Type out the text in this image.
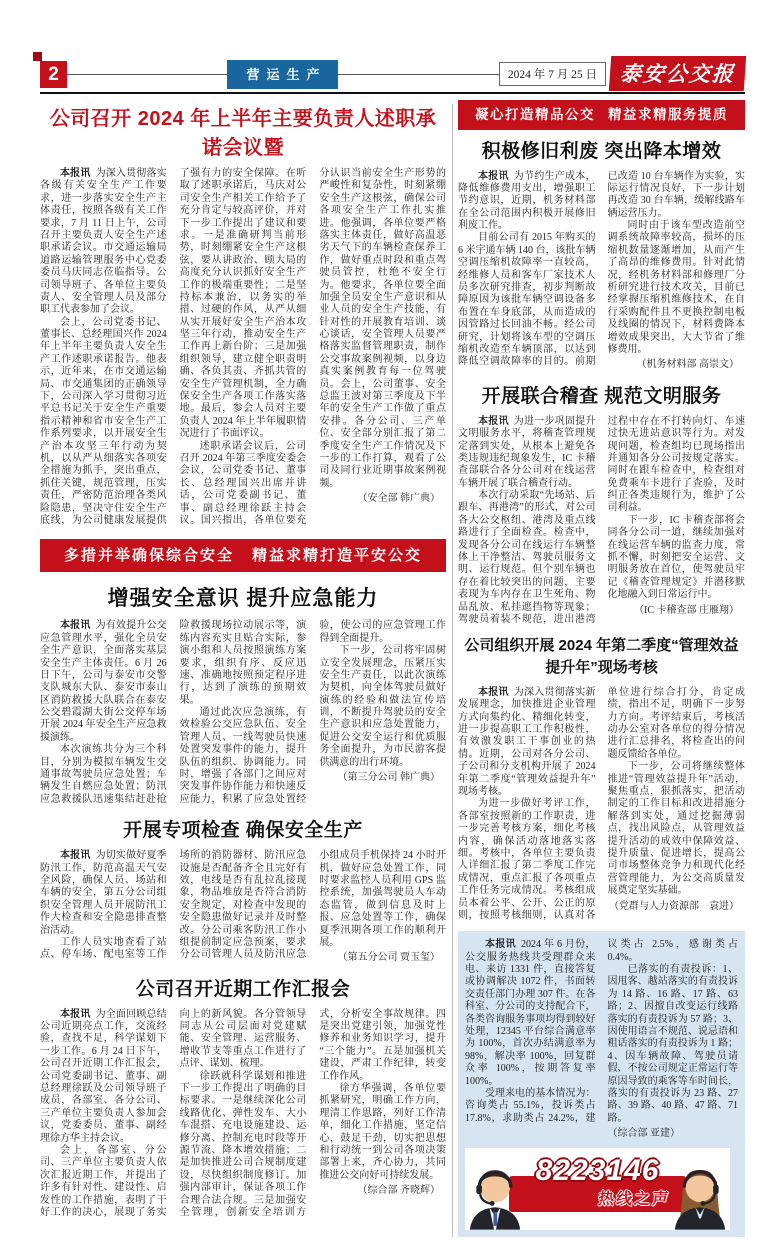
2	营运生产	2024 年 7 月 25 日	泰安公交报
公司召开 2024 年上半年主要负责人述职承诺会议暨

本报讯 为深入贯彻落实各级有关安全生产工作要求，进一步落实安全生产主体责任，按照各级有关工作要求，7 月 11 日上午，公司召开主要负责人安全生产述职承诺会议。市交通运输局道路运输管理服务中心党委委员马庆同志莅临指导。公司领导班子、各单位主要负责人、安全管理人员及部分职工代表参加了会议。

会上，公司党委书记、董事长、总经理国兴作 2024 年上半年主要负责人安全生产工作述职承诺报告。他表示，近年来，在市交通运输局、市交通集团的正确领导下，公司深入学习贯彻习近平总书记关于安全生产重要指示精神和省市安全生产工作系列要求，以开展安全生产治本攻坚三年行动为契机，以从严从细落实各项安全措施为抓手，突出重点，抓住关键，规范管理，压实责任，严密防范治理各类风险隐患，坚决守住安全生产底线，为公司健康发展提供了强有力的安全保障。在听取了述职承诺后，马庆对公司安全生产相关工作给予了充分肯定与较高评价，并对下一步工作提出了建议和要求。一是准确研判当前形势，时刻绷紧安全生产这根弦，要从讲政治、顾大局的高度充分认识抓好安全生产工作的极端重要性；二是坚持标本兼治，以务实的举措、过硬的作风，从严从细从实开展好安全生产治本攻坚三年行动，推动安全生产工作再上新台阶；三是加强组织领导，建立健全职责明确、各负其责、齐抓共管的安全生产管理机制，全力确保安全生产各项工作落实落地。最后，参会人员对主要负责人 2024 年上半年履职情况进行了书面评议。

述职承诺会议后，公司召开 2024 年第三季度安委会会议，公司党委书记、董事长、总经理国兴出席并讲话，公司党委副书记、董事、副总经理徐跃主持会议。国兴指出，各单位要充分认识当前安全生产形势的严峻性和复杂性，时刻紧绷安全生产这根弦，确保公司各项安全生产工作扎实推进。他强调，各单位要严格落实主体责任，做好高温恶劣天气下的车辆检查保养工作，做好重点时段和重点驾驶员管控，杜绝不安全行为。他要求，各单位要全面加强全员安全生产意识和从业人员的安全生产技能，有针对性的开展教育培训、谈心谈话，安全管理人员要严格落实监督管理职责，制作公交事故案例视频，以身边真实案例教育每一位驾驶员。会上，公司董事、安全总监王波对第三季度及下半年的安全生产工作做了重点安排。各分公司、三产单位、安全部分别汇报了第二季度安全生产工作情况及下一步的工作打算，观看了公司及同行业近期事故案例视频。

（安全部 韩广典）

多措并举确保综合安全 精益求精打造平安公交
增强安全意识 提升应急能力

本报讯 为有效提升公交应急管理水平，强化全员安全生产意识，全面落实基层安全生产主体责任。6 月 26 日下午，公司与泰安市交警支队城东大队、泰安市泰山区消防救援大队联合在泰安公交碧霞湖大街公交停车场开展 2024 年安全生产应急救援演练。

本次演练共分为三个科目，分别为模拟车辆发生交通事故驾驶员应急处置；车辆发生自燃应急处置；防汛应急救援队迅速集结赶赴抢险救援现场拉动展示等，演练内容充实且贴合实际，参演小组和人员按照演练方案要求，组织有序、反应迅速、准确地按照预定程序进行，达到了演练的预期效果。

通过此次应急演练，有效检验公交应急队伍、安全管理人员、一线驾驶员快速处置突发事件的能力，提升队伍的组织、协调能力。同时，增强了各部门之间应对突发事件协作能力和快速反应能力，积累了应急处置经验，使公司的应急管理工作得到全面提升。

下一步，公司将牢固树立安全发展理念，压紧压实安全生产责任，以此次演练为契机，向全体驾驶员做好演练的经验和做法宣传培训，不断提升驾驶员的安全生产意识和应急处置能力，促进公交安全运行和优质服务全面提升，为市民游客提供满意的出行环境。

（第三分公司 韩广典）

开展专项检查 确保安全生产

本报讯 为切实做好夏季防汛工作，防范高温天气安全风险，确保人员、场站和车辆的安全，第五分公司组织安全管理人员开展防汛工作大检查和安全隐患排查整治活动。

工作人员实地查看了站点、停车场、配电室等工作场所的消防器材、防汛应急设施是否配备齐全且完好有效，电线是否有乱拉乱接现象，物品堆放是否符合消防安全规定，对检查中发现的安全隐患做好记录并及时整改。分公司乘客防汛工作小组提前制定应急预案，要求分公司管理人员及防汛应急小组成员手机保持 24 小时开机，做好应急处置工作，同时要求监控人员利用 GPS 监控系统，加强驾驶员人车动态监管，做到信息及时上报、应急处置等工作，确保夏季汛期各项工作的顺利开展。

（第五分公司 贾玉玺）

公司召开近期工作汇报会

本报讯 为全面回顾总结公司近期亮点工作，交流经验，查找不足，科学谋划下一步工作。6 月 24 日下午，公司召开近期工作汇报会，公司党委副书记、董事、副总经理徐跃及公司领导班子成员，各部室、各分公司、三产单位主要负责人参加会议，党委委员、董事、副经理徐方华主持会议。

会上，各部室、分公司、三产单位主要负责人依次汇报近期工作，并提出了许多有针对性、建设性、启发性的工作措施，表明了干好工作的决心，展现了务实向上的新风貌。各分管领导同志从公司层面对党建赋能、安全管理、运营服务、增收节支等重点工作进行了点评、谋划、梳理。

徐跃就科学谋划和推进下一步工作提出了明确的目标要求。一是继续深化公司线路优化、弹性发车、大小车混搭、充电设施建设、运修分离、控制充电时段等开源节流、降本增效措施；二是加快推进公司合规制度建设，尽快组织制度修订。加强内部审计，保证各项工作合理合法合规。三是加强安全管理，创新安全培训方式，分析安全事故规律。四是突出党建引领，加强党性修养和业务知识学习，提升“三个能力”。五是加强机关建设，严肃工作纪律，转变工作作风。

徐方华强调，各单位要抓紧研究，明确工作方向，理清工作思路，列好工作清单，细化工作措施，坚定信心，鼓足干劲，切实把思想和行动统一到公司各项决策部署上来，齐心协力，共同推进公交向好可持续发展。

（综合部 齐晓辉）

凝心打造精品公交 精益求精服务提质
积极修旧利废 突出降本增效

本报讯 为节约生产成本，降低维修费用支出，增强职工节约意识，近期，机务材料部在全公司范围内积极开展修旧利废工作。

目前公司有 2015 年购买的 6 米宇通车辆 140 台，该批车辆空调压缩机故障率一直较高，经维修人员和客车厂家技术人员多次研究排查，初步判断故障原因为该批车辆空调设备多布置在车身底部，从而造成的因管路过长回油不畅。经公司研究，计划将该车型的空调压缩机改造至车辆顶部，以达到降低空调故障率的目的。前期已改造 10 台车辆作为实验，实际运行情况良好，下一步计划再改造 30 台车辆，缓解线路车辆运营压力。

同时由于该车型改造前空调系统故障率较高，损坏的压缩机数量逐渐增加，从而产生了高昂的维修费用。针对此情况，经机务材料部和修理厂分析研究进行技术攻关，目前已经掌握压缩机维修技术，在自行采购配件且不更换控制电板及线圈的情况下，材料费降本增效成果突出，大大节省了维修费用。

（机务材料部 高崇文）

开展联合稽查 规范文明服务

本报讯 为进一步巩固提升文明服务水平，将稽查管理规定落到实处，从根本上避免各类违规违纪现象发生，IC 卡稽查部联合各分公司对在线运营车辆开展了联合稽查行动。

本次行动采取“先场站、后跟车、再港湾”的形式，对公司各大公交枢纽、港湾及重点线路进行了全面检查。检查中，发现各分公司在线运行车辆整体上干净整洁、驾驶员服务文明、运行规范。但个别车辆也存在着比较突出的问题，主要表现为车内存在卫生死角、物品乱放、私挂遮挡物等现象；驾驶员着装不规范，进出港湾过程中存在不打转向灯、车速过快无进站意识等行为。对发现问题，检查组均已现场指出并通知各分公司按规定落实。同时在跟车检查中，检查组对免费乘车卡进行了查验，及时纠正各类违规行为，维护了公司利益。

下一步，IC 卡稽查部将会同各分公司一道，继续加强对在线运营车辆的监查力度，常抓不懈，时刻把安全运营、文明服务放在首位，使驾驶员牢记《稽查管理规定》并潜移默化地融入到日常运行中。

（IC 卡稽查部 庄雁翔）

公司组织开展 2024 年第二季度“管理效益提升年”现场考核

本报讯 为深入贯彻落实新发展理念，加快推进企业管理方式向集约化、精细化转变，进一步提高职工工作积极性，有效激发职工干事创业的热情。近期，公司对各分公司、子公司和分支机构开展了 2024 年第二季度“管理效益提升年”现场考核。

为进一步做好考评工作，各部室按照新的工作职责，进一步完善考核方案，细化考核内容，确保活动落地落实落细。考核中，各单位主要负责人详细汇报了第二季度工作完成情况，重点汇报了各项重点工作任务完成情况。考核组成员本着公平、公开、公正的原则，按照考核细则，认真对各单位进行综合打分，肯定成绩，指出不足，明确下一步努力方向。考评结束后，考核活动办公室对各单位的得分情况进行汇总排名，将检查出的问题反馈给各单位。

下一步，公司将继续整体推进“管理效益提升年”活动，聚焦重点，狠抓落实，把活动制定的工作目标和改进措施分解落到实处，通过挖掘薄弱点，找出风险点，从管理效益提升活动的成效中保障效益、提升质量、促进增长，提高公司市场整体竞争力和现代化经营管理能力，为公交高质量发展奠定坚实基础。

（党群与人力资源部　袁进）

本报讯 2024 年 6 月份，公交服务热线共受理群众来电、来访 1331 件，直接答复或协调解决 1072 件，书面转交责任部门办理 307 件。在各科室、分公司的支持配合下，各类咨询服务事项均得到较好处理，12345 平台综合满意率为 100%，首次办结满意率为 98%，解决率 100%，回复群众率 100%，按期答复率 100%。

受理来电的基本情况为：咨询类占 55.1%，投诉类占 17.8%，求助类占 24.2%，建议类占 2.5%，感谢类占 0.4%。

已落实的有责投诉：1、因甩客、越站落实的有责投诉为 14 路、16 路、17 路、63 路；2、因擅自改变运行线路落实的有责投诉为 57 路；3、因使用语言不规范、说忌语和粗话落实的有责投诉为 1 路；4、因车辆故障、驾驶员请假、不按公司规定正常运行等原因导致的乘客等车时间长，落实的有责投诉为 23 路、27 路、39 路、40 路、47 路、71 路。

（综合部 亚建）

8223146
热线之声
